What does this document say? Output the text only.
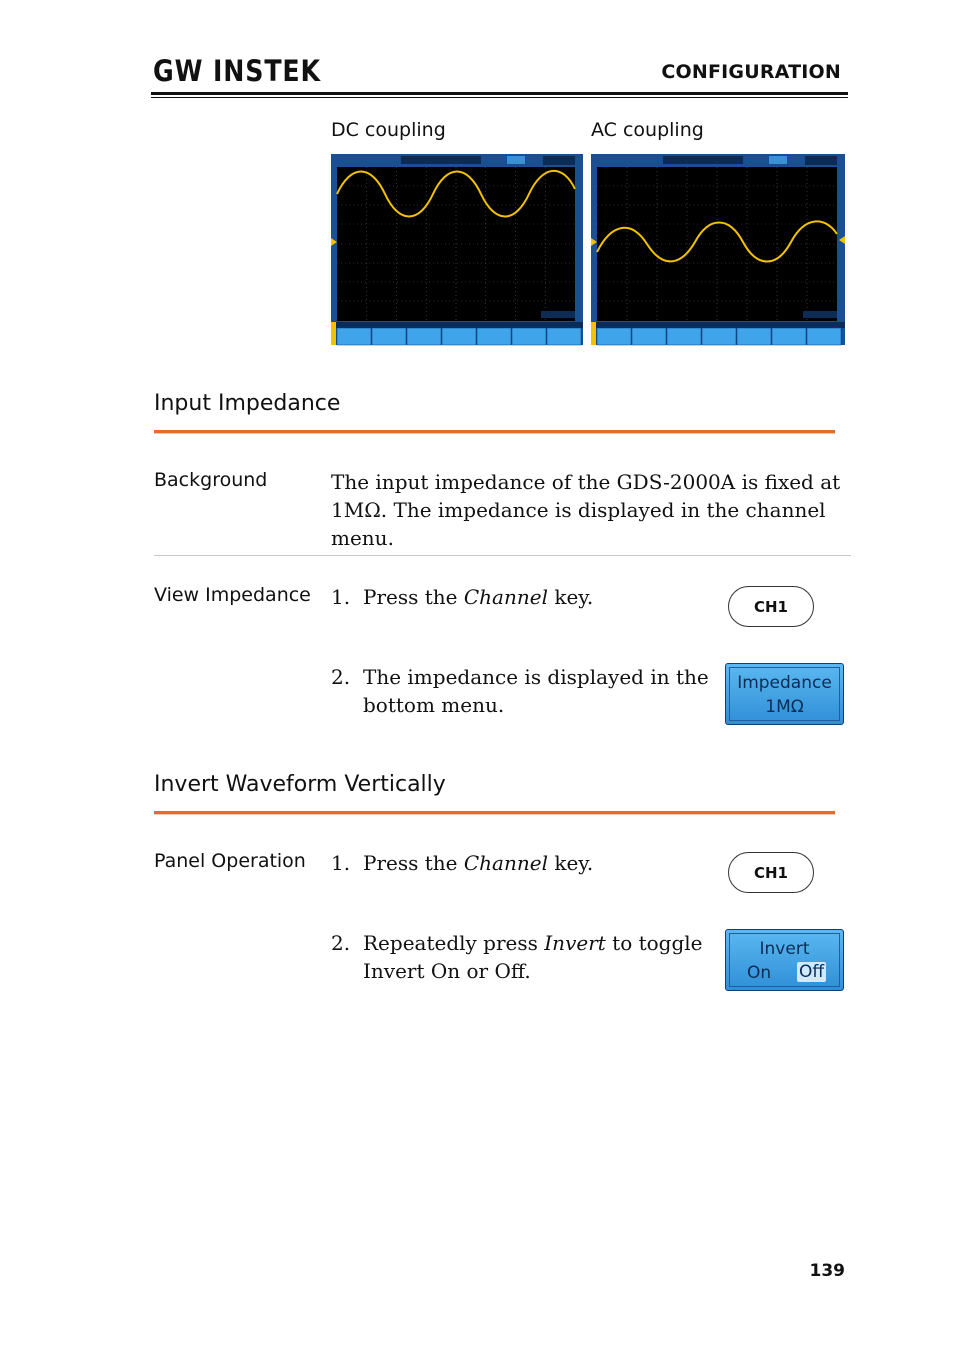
GW INSTEK	CONFIGURATION
DC coupling	AC coupling
Input Impedance
Background	The input impedance of the GDS-2000A is fixed at 1MΩ. The impedance is displayed in the channel menu.
View Impedance 1. Press the Channel key.	CH1
2. The impedance is displayed in the bottom menu.
Impedance
1MΩ
Invert Waveform Vertically
Panel Operation 1. Press the Channel key.	CH1
2. Repeatedly press Invert to toggle Invert On or Off.
Invert
On Off
139
